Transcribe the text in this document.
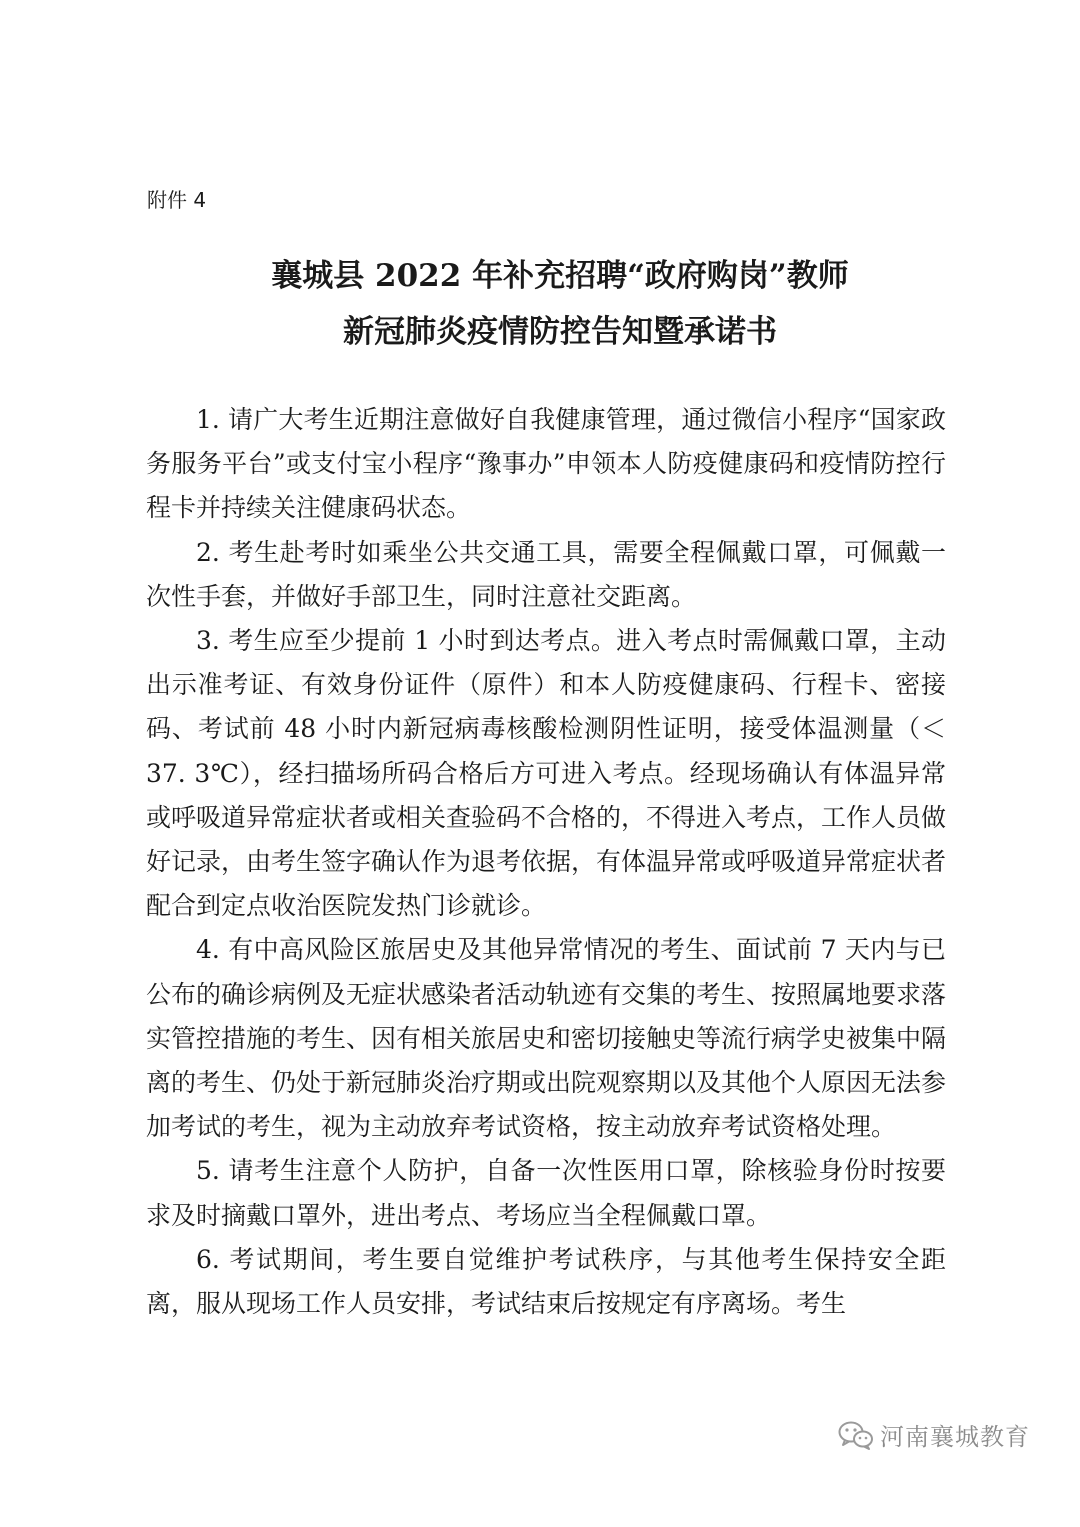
附件 4

襄城县 2022 年补充招聘“政府购岗”教师
新冠肺炎疫情防控告知暨承诺书

1. 请广大考生近期注意做好自我健康管理，通过微信小程序“国家政务服务平台”或支付宝小程序“豫事办”申领本人防疫健康码和疫情防控行程卡并持续关注健康码状态。

2. 考生赴考时如乘坐公共交通工具，需要全程佩戴口罩，可佩戴一次性手套，并做好手部卫生，同时注意社交距离。

3. 考生应至少提前 1 小时到达考点。进入考点时需佩戴口罩，主动出示准考证、有效身份证件（原件）和本人防疫健康码、行程卡、密接码、考试前 48 小时内新冠病毒核酸检测阴性证明，接受体温测量（＜37. 3℃），经扫描场所码合格后方可进入考点。经现场确认有体温异常或呼吸道异常症状者或相关查验码不合格的，不得进入考点，工作人员做好记录，由考生签字确认作为退考依据，有体温异常或呼吸道异常症状者配合到定点收治医院发热门诊就诊。

4. 有中高风险区旅居史及其他异常情况的考生、面试前 7 天内与已公布的确诊病例及无症状感染者活动轨迹有交集的考生、按照属地要求落实管控措施的考生、因有相关旅居史和密切接触史等流行病学史被集中隔离的考生、仍处于新冠肺炎治疗期或出院观察期以及其他个人原因无法参加考试的考生，视为主动放弃考试资格，按主动放弃考试资格处理。

5. 请考生注意个人防护，自备一次性医用口罩，除核验身份时按要求及时摘戴口罩外，进出考点、考场应当全程佩戴口罩。

6. 考试期间，考生要自觉维护考试秩序，与其他考生保持安全距离，服从现场工作人员安排，考试结束后按规定有序离场。考生

河南襄城教育
